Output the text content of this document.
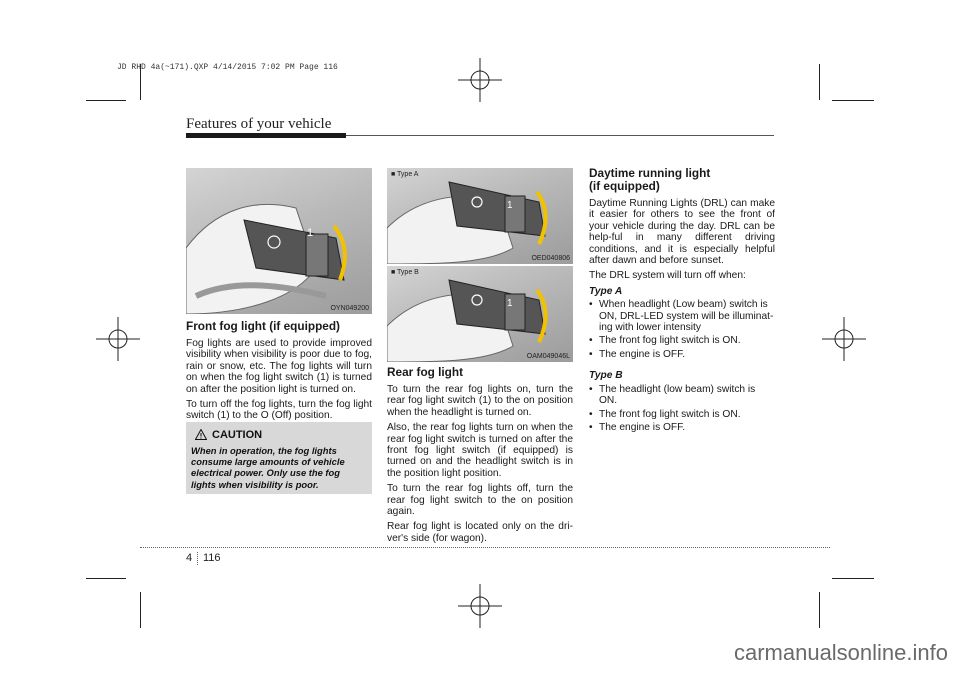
JD RHD 4a(~171).QXP 4/14/2015 7:02 PM Page 116
Features of your vehicle
1
OYN049200
1
■ Type A
OED040806
1
■ Type B
OAM049046L
Front fog light (if equipped)

Fog lights are used to provide improved visibility when visibility is poor due to fog, rain or snow, etc. The fog lights will turn on when the fog light switch (1) is turned on after the position light is turned on.

To turn off the fog lights, turn the fog light switch (1) to the O (Off) position.

CAUTION
When in operation, the fog lights consume large amounts of vehicle electrical power. Only use the fog lights when visibility is poor.
Rear fog light

To turn the rear fog lights on, turn the rear fog light switch (1) to the on position when the headlight is turned on.

Also, the rear fog lights turn on when the rear fog light switch is turned on after the front fog light switch (if equipped) is turned on and the headlight switch is in the position light position.

To turn the rear fog lights off, turn the rear fog light switch to the on position again.

Rear fog light is located only on the dri-ver's side (for wagon).

Daytime running light
(if equipped)

Daytime Running Lights (DRL) can make it easier for others to see the front of your vehicle during the day. DRL can be help-ful in many different driving conditions, and it is especially helpful after dawn and before sunset.

The DRL system will turn off when:

Type A
• When headlight (Low beam) switch is ON, DRL-LED system will be illuminat-ing with lower intensity
• The front fog light switch is ON.
• The engine is OFF.
Type B
• The headlight (low beam) switch is ON.
• The front fog light switch is ON.
• The engine is OFF.
4 116
carmanualsonline.info
